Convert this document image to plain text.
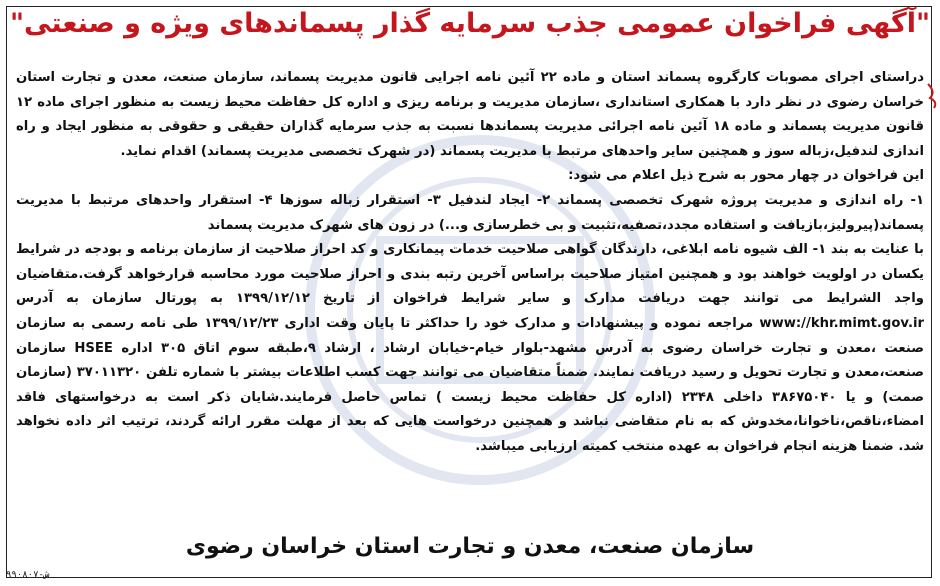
"آگهی فراخوان عمومی جذب سرمایه گذار پسماندهای ویژه و صنعتی"

دراستای اجرای مصوبات کارگروه پسماند استان و ماده ۲۲ آئین نامه اجرایی قانون مدیریت پسماند، سازمان صنعت، معدن و تجارت استان خراسان رضوی در نظر دارد با همکاری استانداری ،سازمان مدیریت و برنامه ریزی و اداره کل حفاظت محیط زیست به منظور اجرای ماده ۱۲ قانون مدیریت پسماند و ماده ۱۸ آئین نامه اجرائی مدیریت پسماندها نسبت به جذب سرمایه گذاران حقیقی و حقوقی به منظور ایجاد و راه اندازی لندفیل،زباله سوز و همچنین سایر واحدهای مرتبط با مدیریت پسماند (در شهرک تخصصی مدیریت پسماند) اقدام نماید.

این فراخوان در چهار محور به شرح ذیل اعلام می شود:

۱- راه اندازی و مدیریت پروژه شهرک تخصصی پسماند ۲- ایجاد لندفیل ۳- استقرار زباله سوزها ۴- استقرار واحدهای مرتبط با مدیریت پسماند(پیرولیز،بازیافت و استفاده مجدد،تصفیه،تثبیت و بی خطرسازی و...) در زون های شهرک مدیریت پسماند

با عنایت به بند ۱- الف شیوه نامه ابلاغی، دارندگان گواهی صلاحیت خدمات پیمانکاری و کد احراز صلاحیت از سازمان برنامه و بودجه در شرایط یکسان در اولویت خواهند بود و همچنین امتیاز صلاحیت براساس آخرین رتبه بندی و احراز صلاحیت مورد محاسبه قرارخواهد گرفت.متقاضیان واجد الشرایط می توانند جهت دریافت مدارک و سایر شرایط فراخوان از تاریخ ۱۳۹۹/۱۲/۱۲ به پورتال سازمان به آدرس www://khr.mimt.gov.ir مراجعه نموده و پیشنهادات و مدارک خود را حداکثر تا پایان وقت اداری ۱۳۹۹/۱۲/۲۳ طی نامه رسمی به سازمان صنعت ،معدن و تجارت خراسان رضوی به آدرس مشهد-بلوار خیام-خیابان ارشاد ، ارشاد ۹،طبقه سوم اتاق ۳۰۵ اداره HSEE سازمان صنعت،معدن و تجارت تحویل و رسید دریافت نمایند. ضمناً متقاضیان می توانند جهت کسب اطلاعات بیشتر با شماره تلفن ۳۷۰۱۱۳۲۰ (سازمان صمت) و یا ۳۸۶۷۵۰۴۰ داخلی ۲۳۴۸ (اداره کل حفاظت محیط زیست ) تماس حاصل فرمایند.شایان ذکر است به درخواستهای فاقد امضاء،ناقص،ناخوانا،مخدوش که به نام متقاضی نباشد و همچنین درخواست هایی که بعد از مهلت مقرر ارائه گردند، ترتیب اثر داده نخواهد شد. ضمنا هزینه انجام فراخوان به عهده منتخب کمیته ارزیابی میباشد.

سازمان صنعت، معدن و تجارت استان خراسان رضوی
۹۹۰۸۰۷-ش
